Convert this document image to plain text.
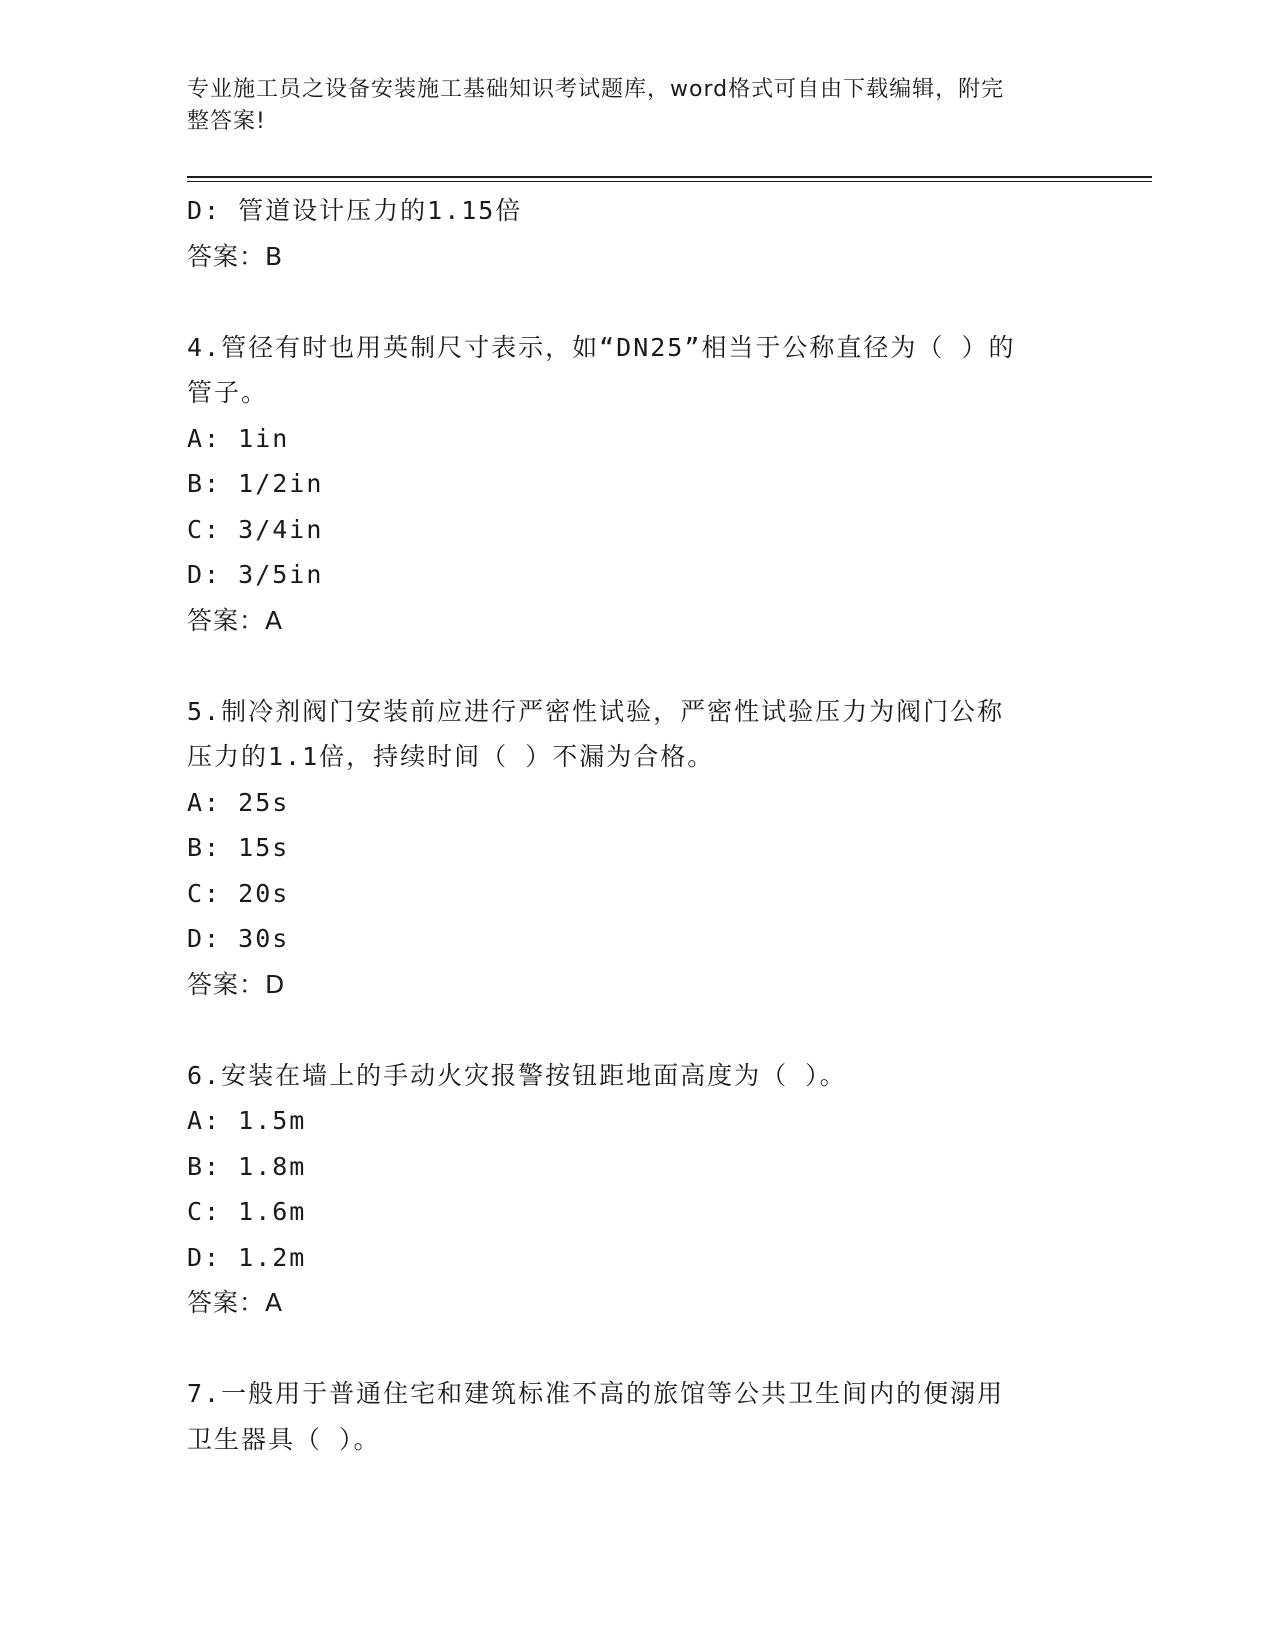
专业施工员之设备安装施工基础知识考试题库，word格式可自由下载编辑，附完
整答案!
D: 管道设计压力的1.15倍
答案：B
4.管径有时也用英制尺寸表示，如“DN25”相当于公称直径为（ ）的
管子。
A: 1in
B: 1/2in
C: 3/4in
D: 3/5in
答案：A
5.制冷剂阀门安装前应进行严密性试验，严密性试验压力为阀门公称
压力的1.1倍，持续时间（ ）不漏为合格。
A: 25s
B: 15s
C: 20s
D: 30s
答案：D
6.安装在墙上的手动火灾报警按钮距地面高度为（ ）。
A: 1.5m
B: 1.8m
C: 1.6m
D: 1.2m
答案：A
7.一般用于普通住宅和建筑标准不高的旅馆等公共卫生间内的便溺用
卫生器具（ ）。
